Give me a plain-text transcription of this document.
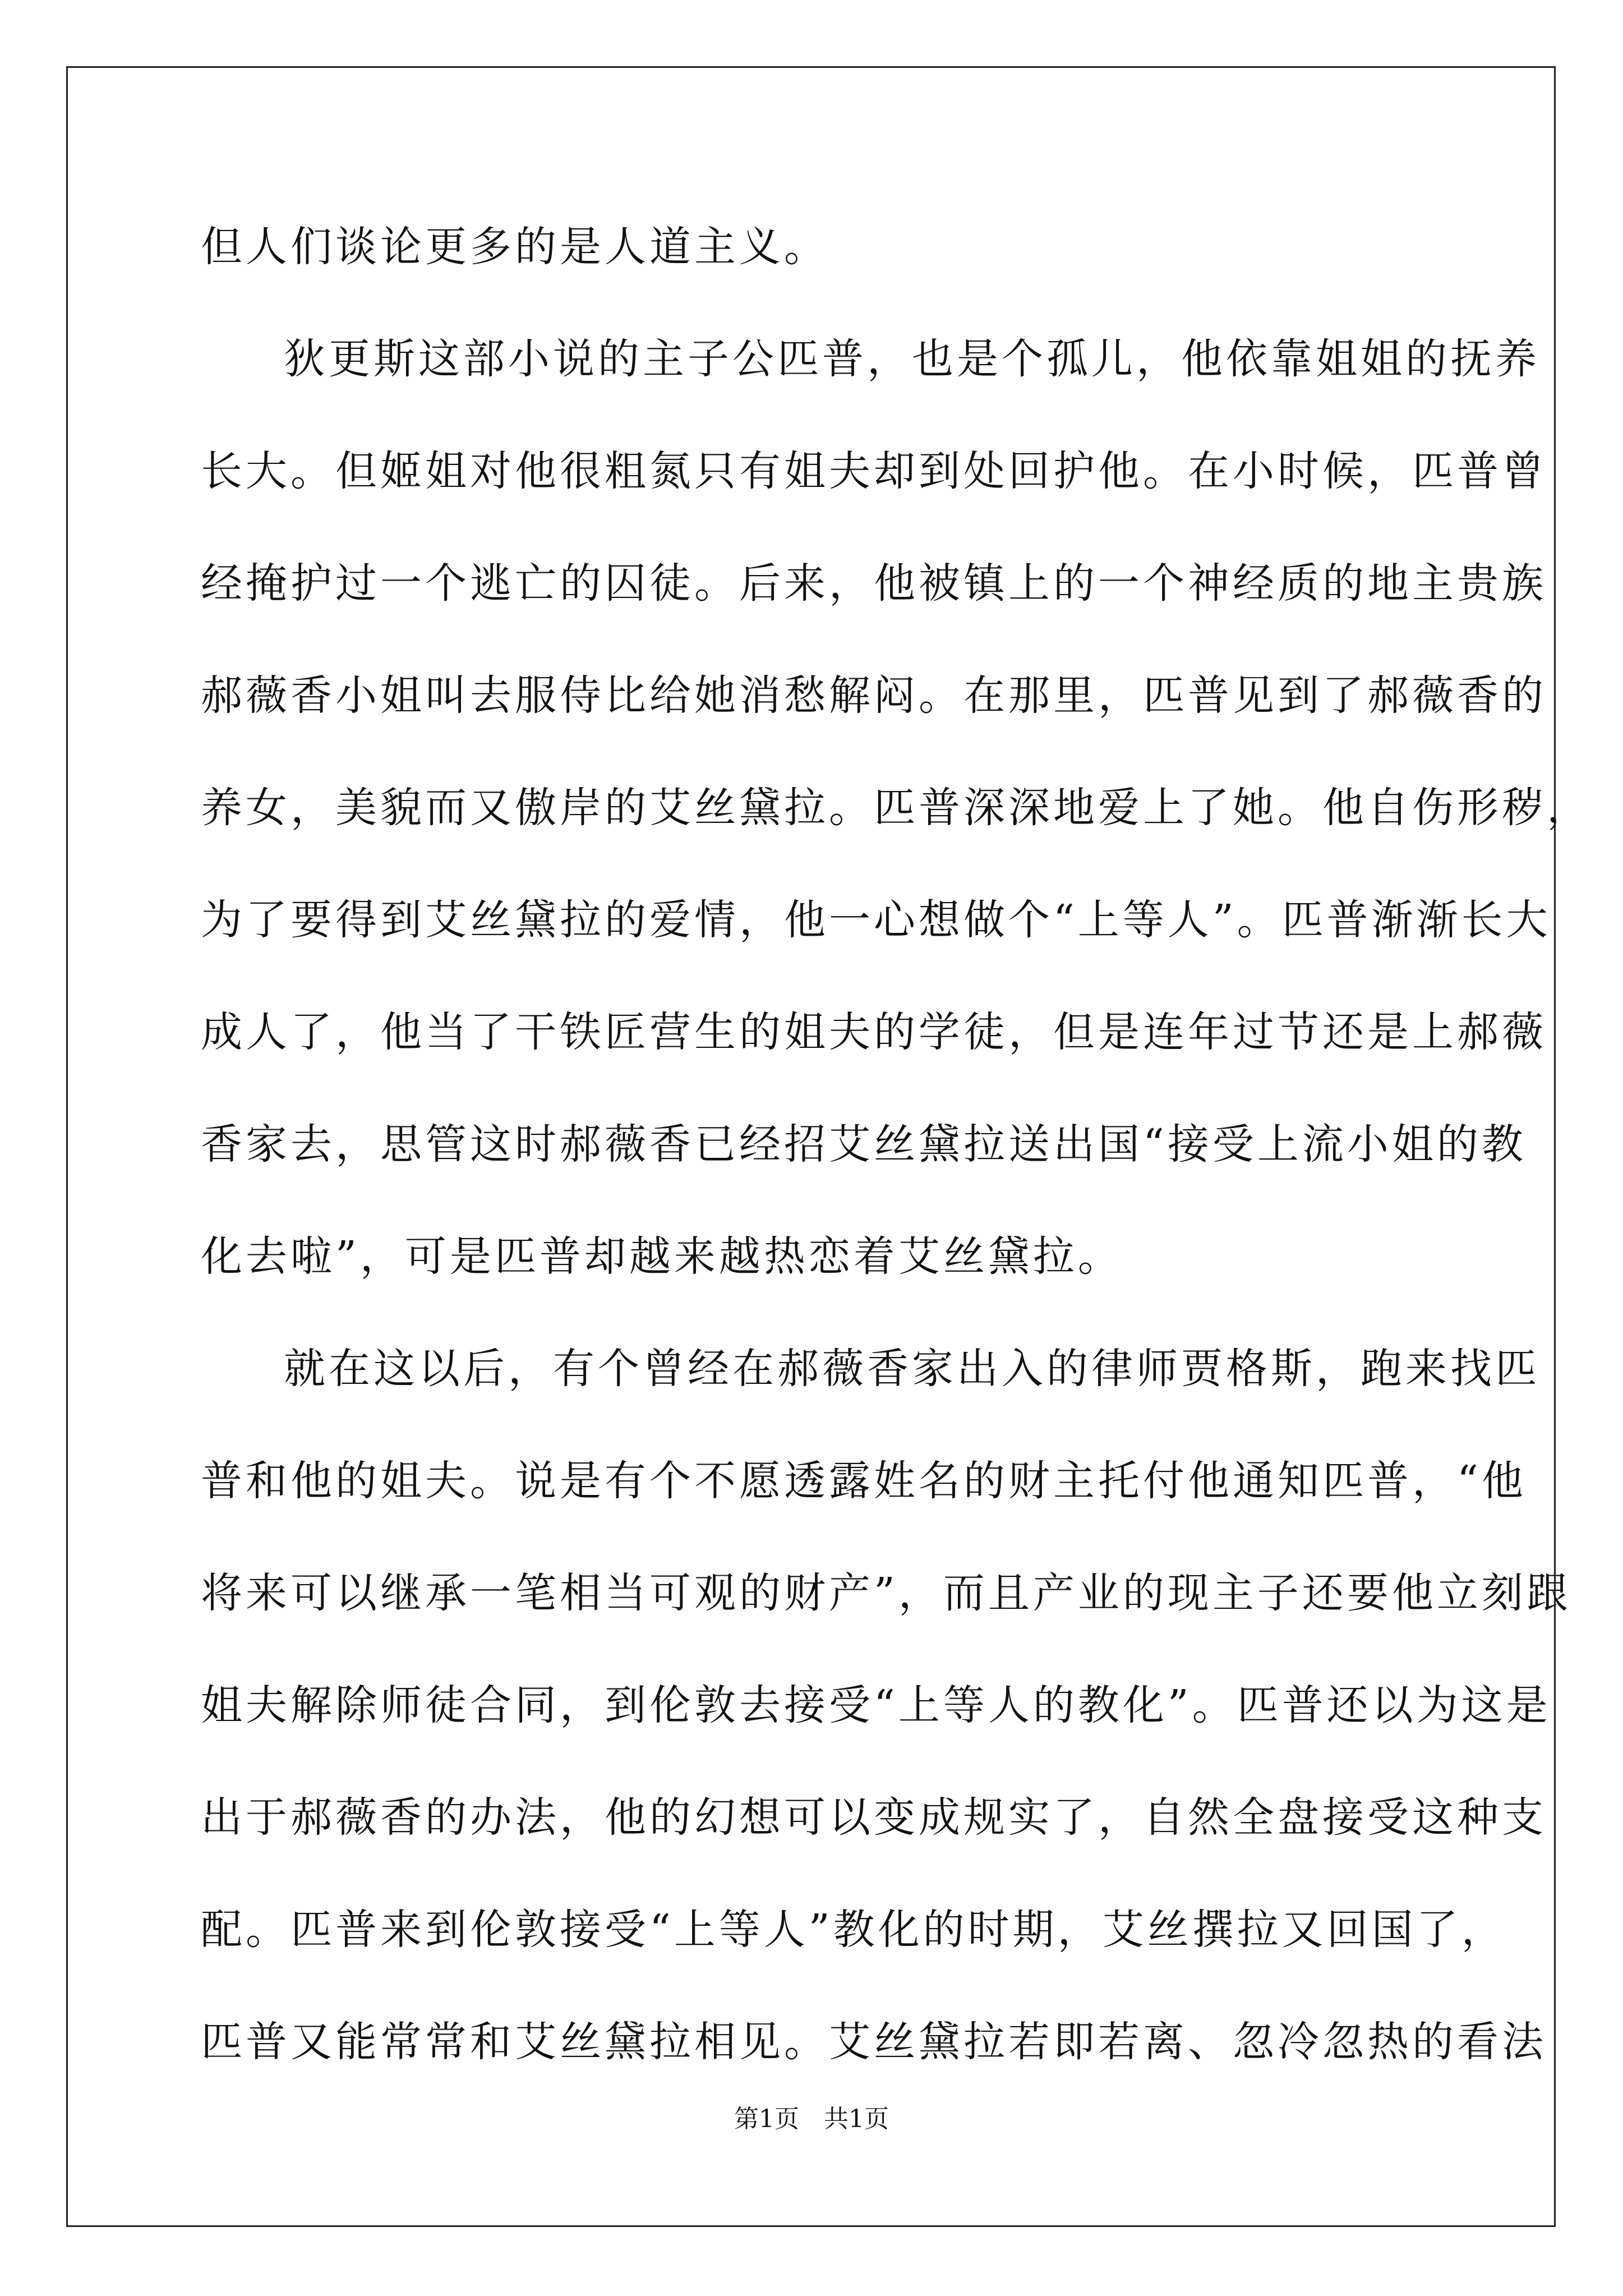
但人们谈论更多的是人道主义。
狄更斯这部小说的主子公匹普，也是个孤儿，他依靠姐姐的抚养
长大。但姬姐对他很粗氮只有姐夫却到处回护他。在小时候，匹普曾
经掩护过一个逃亡的囚徒。后来，他被镇上的一个神经质的地主贵族
郝薇香小姐叫去服侍比给她消愁解闷。在那里，匹普见到了郝薇香的
养女，美貌而又傲岸的艾丝黛拉。匹普深深地爱上了她。他自伤形秽，
为了要得到艾丝黛拉的爱情，他一心想做个“上等人”。匹普渐渐长大
成人了，他当了干铁匠营生的姐夫的学徒，但是连年过节还是上郝薇
香家去，思管这时郝薇香已经招艾丝黛拉送出国“接受上流小姐的教
化去啦”，可是匹普却越来越热恋着艾丝黛拉。
就在这以后，有个曾经在郝薇香家出入的律师贾格斯，跑来找匹
普和他的姐夫。说是有个不愿透露姓名的财主托付他通知匹普，“他
将来可以继承一笔相当可观的财产”，而且产业的现主子还要他立刻跟
姐夫解除师徒合同，到伦敦去接受“上等人的教化”。匹普还以为这是
出于郝薇香的办法，他的幻想可以变成规实了，自然全盘接受这种支
配。匹普来到伦敦接受“上等人”教化的时期，艾丝撰拉又回国了，
匹普又能常常和艾丝黛拉相见。艾丝黛拉若即若离、忽冷忽热的看法
第1页　共1页
